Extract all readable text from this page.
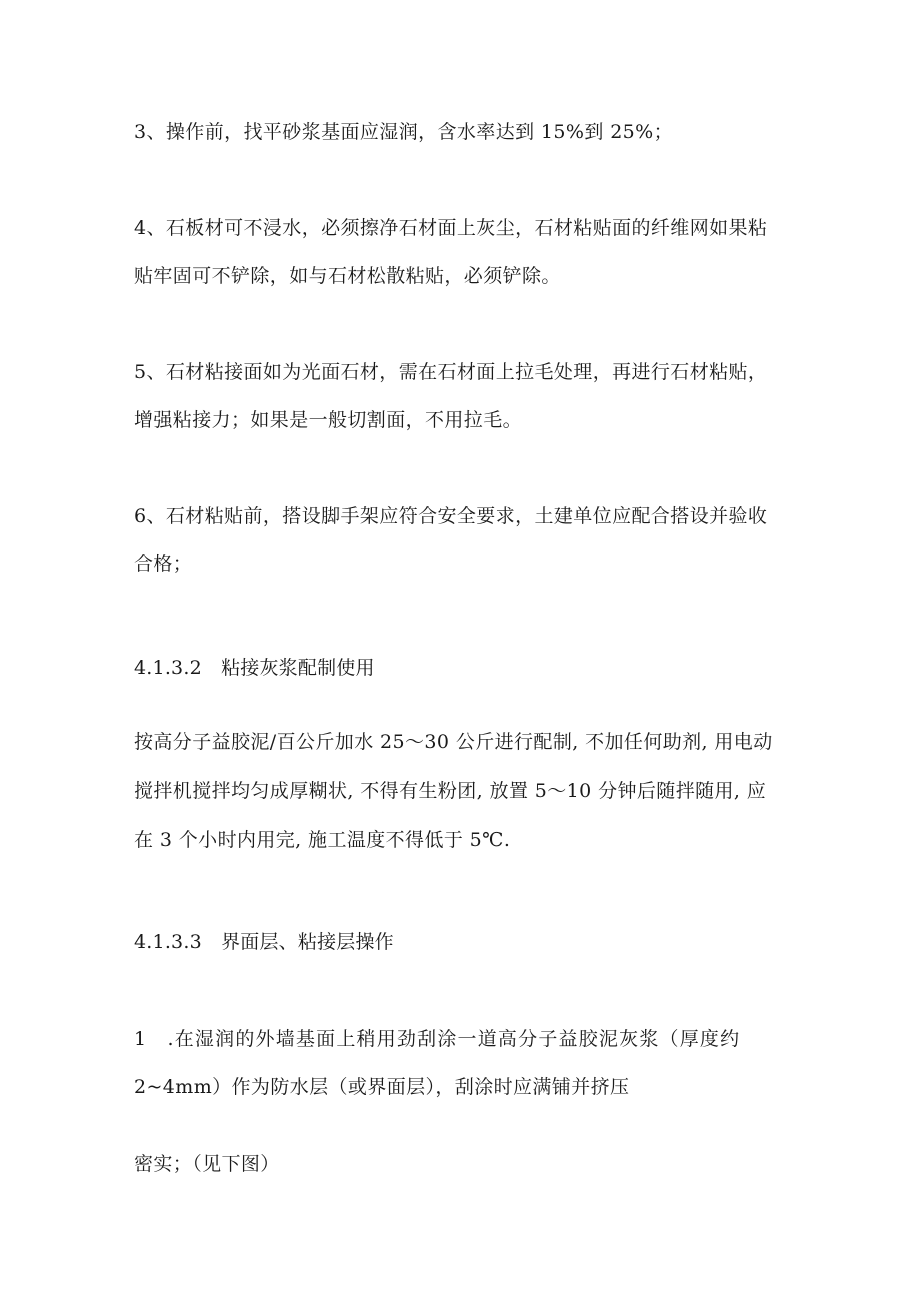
3、操作前，找平砂浆基面应湿润，含水率达到 15%到 25%；
4、石板材可不浸水，必须擦净石材面上灰尘，石材粘贴面的纤维网如果粘
贴牢固可不铲除，如与石材松散粘贴，必须铲除。
5、石材粘接面如为光面石材，需在石材面上拉毛处理，再进行石材粘贴，
增强粘接力；如果是一般切割面，不用拉毛。
6、石材粘贴前，搭设脚手架应符合安全要求，土建单位应配合搭设并验收
合格；
4.1.3.2　粘接灰浆配制使用
按高分子益胶泥/百公斤加水 25～30 公斤进行配制, 不加任何助剂, 用电动
搅拌机搅拌均匀成厚糊状, 不得有生粉团, 放置 5～10 分钟后随拌随用, 应
在 3 个小时内用完, 施工温度不得低于 5℃.
4.1.3.3　界面层、粘接层操作
1　.在湿润的外墙基面上稍用劲刮涂一道高分子益胶泥灰浆（厚度约
2~4mm）作为防水层（或界面层），刮涂时应满铺并挤压
密实；（见下图）
